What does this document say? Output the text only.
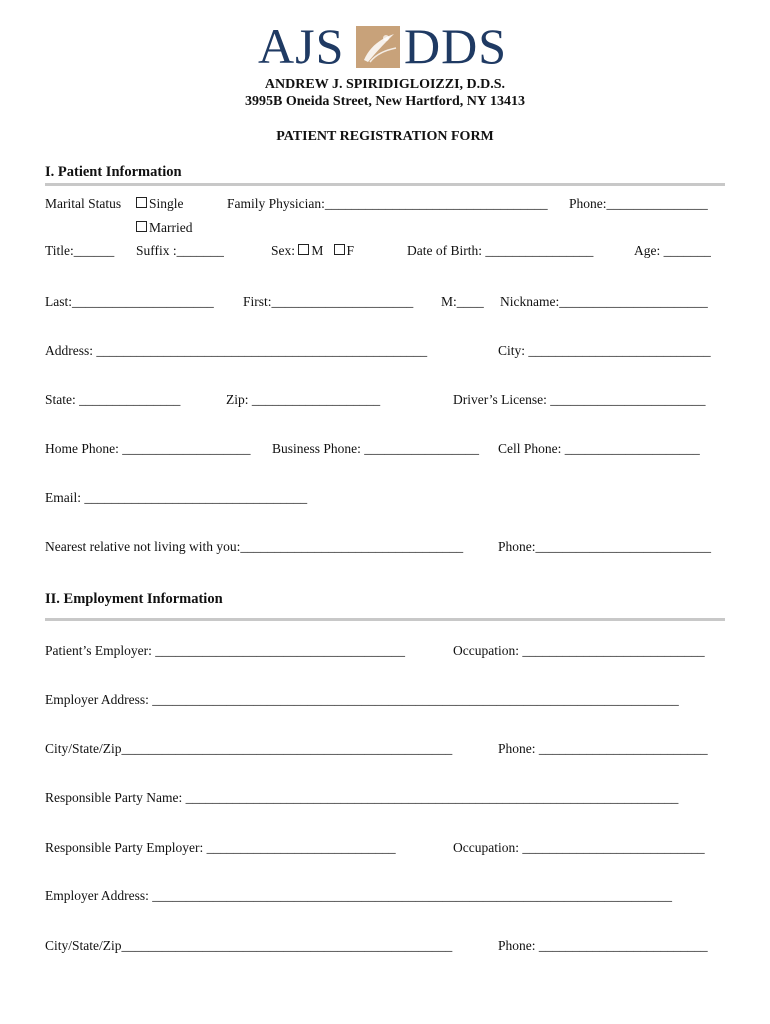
AJS DDS
ANDREW J. SPIRIDIGLOIZZI, D.D.S.
3995B Oneida Street, New Hartford, NY 13413
PATIENT REGISTRATION FORM
I. Patient Information
Marital Status	Single
Married
Family Physician:_________________________________ Phone:_______________
Title:______ Suffix :_______	Sex: M F	Date of Birth: ________________	Age: _______
Last:_____________________ First:_____________________ M:____ Nickname:______________________
Address: _________________________________________________	City: ___________________________
State: _______________	Zip: ___________________	Driver’s License: _______________________
Home Phone: ___________________ Business Phone: _________________ Cell Phone: ____________________
Email: _________________________________
Nearest relative not living with you:_________________________________	Phone:__________________________
II. Employment Information
Patient’s Employer: _____________________________________	Occupation: ___________________________
Employer Address: ______________________________________________________________________________
City/State/Zip_________________________________________________	Phone: _________________________
Responsible Party Name: _________________________________________________________________________
Responsible Party Employer: ____________________________	Occupation: ___________________________
Employer Address: _____________________________________________________________________________
City/State/Zip_________________________________________________	Phone: _________________________
